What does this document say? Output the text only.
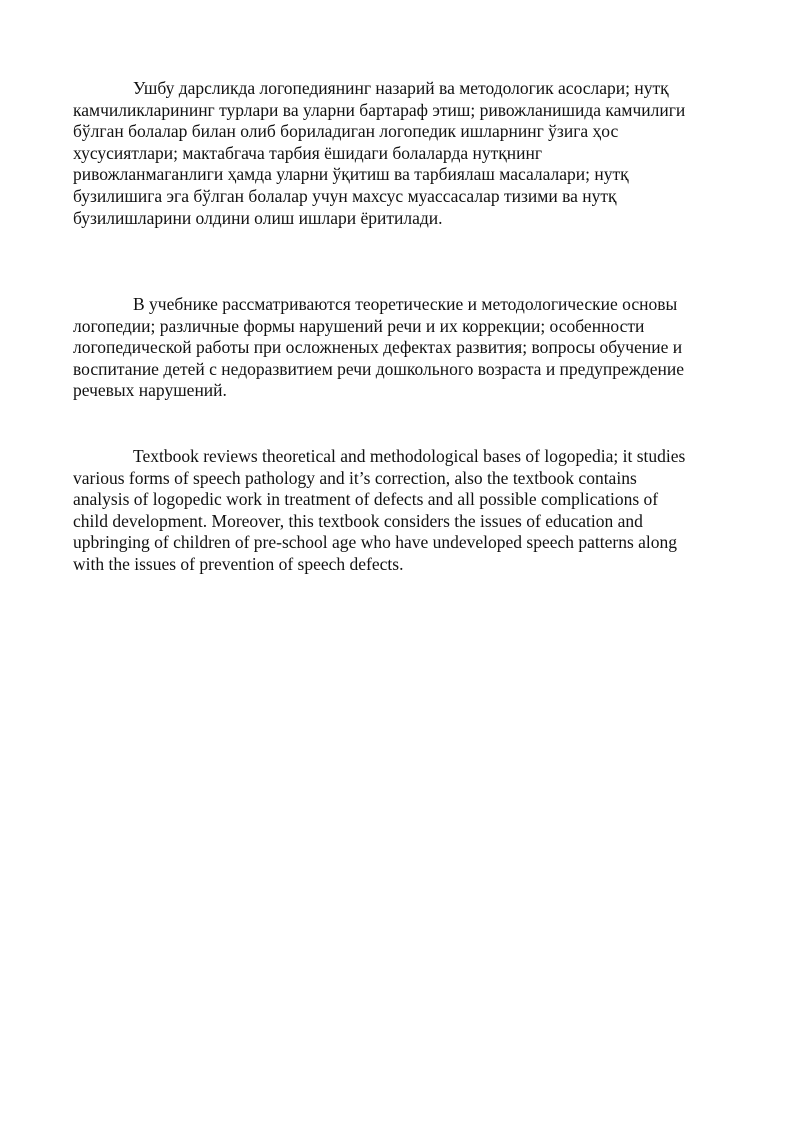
Ушбу дарсликда логопедиянинг назарий ва методологик асослари; нутқ
камчиликларининг турлари ва уларни бартараф этиш; ривожланишида камчилиги
бўлган болалар билан олиб бориладиган логопедик ишларнинг ўзига ҳос
хусусиятлари; мактабгача тарбия ёшидаги болаларда нутқнинг
ривожланмаганлиги ҳамда уларни ўқитиш ва тарбиялаш масалалари; нутқ
бузилишига эга бўлган болалар учун махсус муассасалар тизими ва нутқ
бузилишларини олдини олиш ишлари ёритилади.
В учебнике рассматриваются теоретические и методологические основы
логопедии; различные формы нарушений речи и их коррекции; особенности
логопедической работы при осложненых дефектах развития; вопросы обучение и
воспитание детей с недоразвитием речи дошкольного возраста и предупреждение
речевых нарушений.
Textbook reviews theoretical and methodological bases of logopedia; it studies
various forms of speech pathology and it’s correction, also the textbook contains
analysis of logopedic work in treatment of defects and all possible complications of
child development. Moreover, this textbook considers the issues of education and
upbringing of children of pre-school age who have undeveloped speech patterns along
with the issues of prevention of speech defects.
